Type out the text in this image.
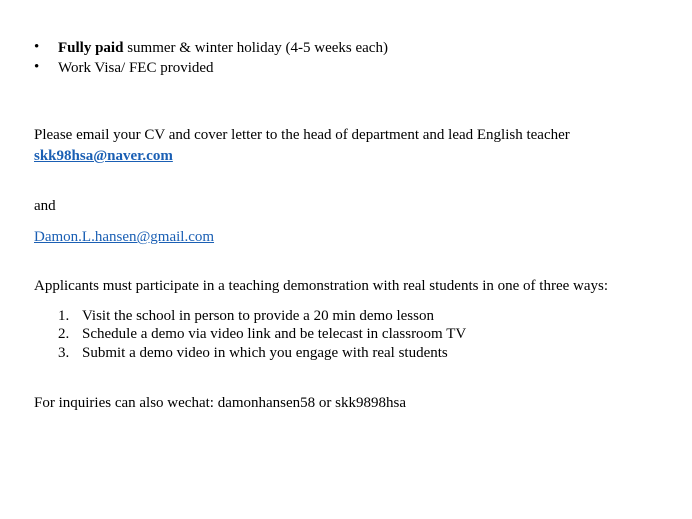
•	Fully paid summer & winter holiday (4-5 weeks each)
•	Work Visa/ FEC provided
Please email your CV and cover letter to the head of department and lead English teacher
skk98hsa@naver.com
and
Damon.L.hansen@gmail.com
Applicants must participate in a teaching demonstration with real students in one of three ways:
1. Visit the school in person to provide a 20 min demo lesson
2. Schedule a demo via video link and be telecast in classroom TV
3. Submit a demo video in which you engage with real students
For inquiries can also wechat: damonhansen58 or skk9898hsa
